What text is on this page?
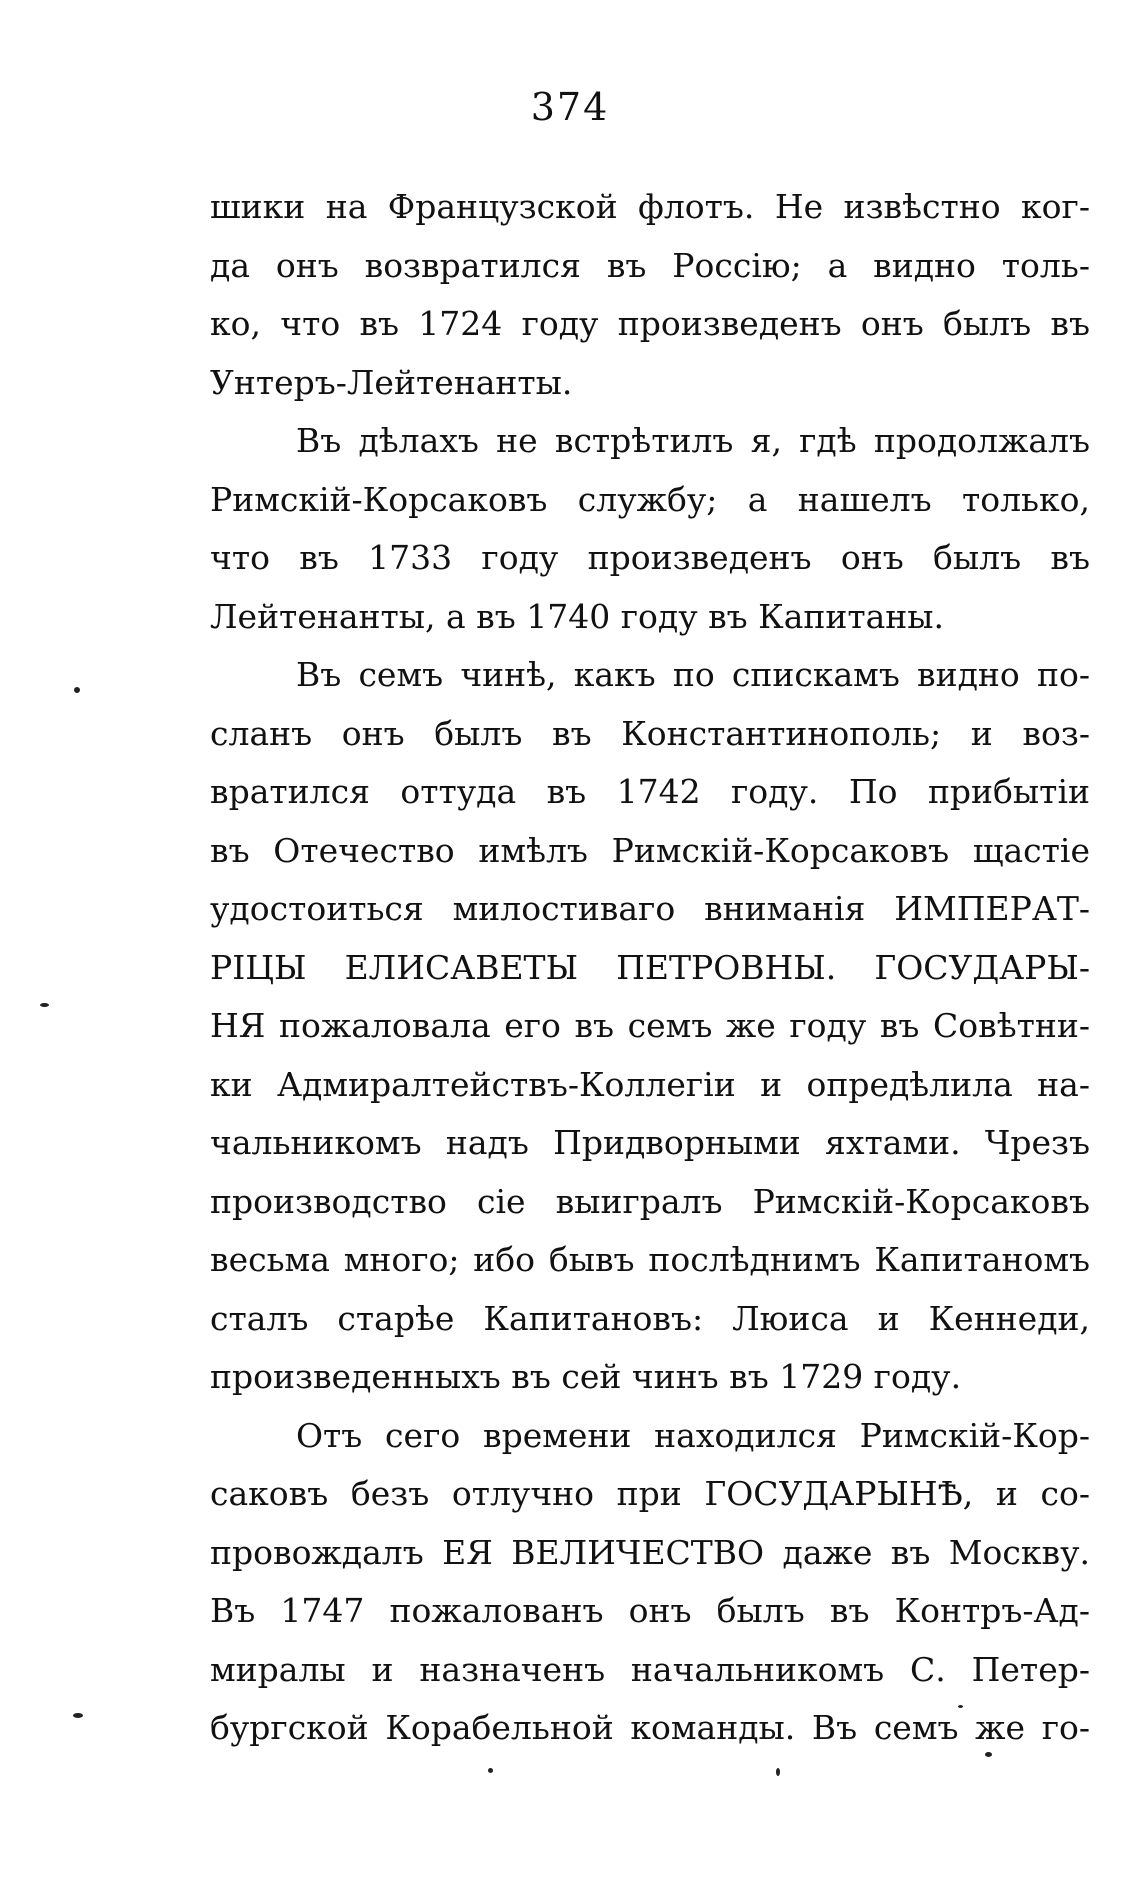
374
шики на Французской флотъ. Не извѣстно ког-
да онъ возвратился въ Россію; а видно толь-
ко, что въ 1724 году произведенъ онъ былъ въ
Унтеръ-Лейтенанты.
Въ дѣлахъ не встрѣтилъ я, гдѣ продолжалъ
Римскій-Корсаковъ службу; а нашелъ только,
что въ 1733 году произведенъ онъ былъ въ
Лейтенанты, а въ 1740 году въ Капитаны.
Въ семъ чинѣ, какъ по спискамъ видно по-
сланъ онъ былъ въ Константинополь; и воз-
вратился оттуда въ 1742 году. По прибытіи
въ Отечество имѣлъ Римскій-Корсаковъ щастіе
удостоиться милостиваго вниманія ИМПЕРАТ-
РІЦЫ ЕЛИСАВЕТЫ ПЕТРОВНЫ. ГОСУДАРЫ-
НЯ пожаловала его въ семъ же году въ Совѣтни-
ки Адмиралтействъ-Коллегіи и опредѣлила на-
чальникомъ надъ Придворными яхтами. Чрезъ
производство сіе выигралъ Римскій-Корсаковъ
весьма много; ибо бывъ послѣднимъ Капитаномъ
сталъ старѣе Капитановъ: Люиса и Кеннеди,
произведенныхъ въ сей чинъ въ 1729 году.
Отъ сего времени находился Римскій-Кор-
саковъ безъ отлучно при ГОСУДАРЫНѢ, и со-
провождалъ ЕЯ ВЕЛИЧЕСТВО даже въ Москву.
Въ 1747 пожалованъ онъ былъ въ Контръ-Ад-
миралы и назначенъ начальникомъ С. Петер-
бургской Корабельной команды. Въ семъ же го-
